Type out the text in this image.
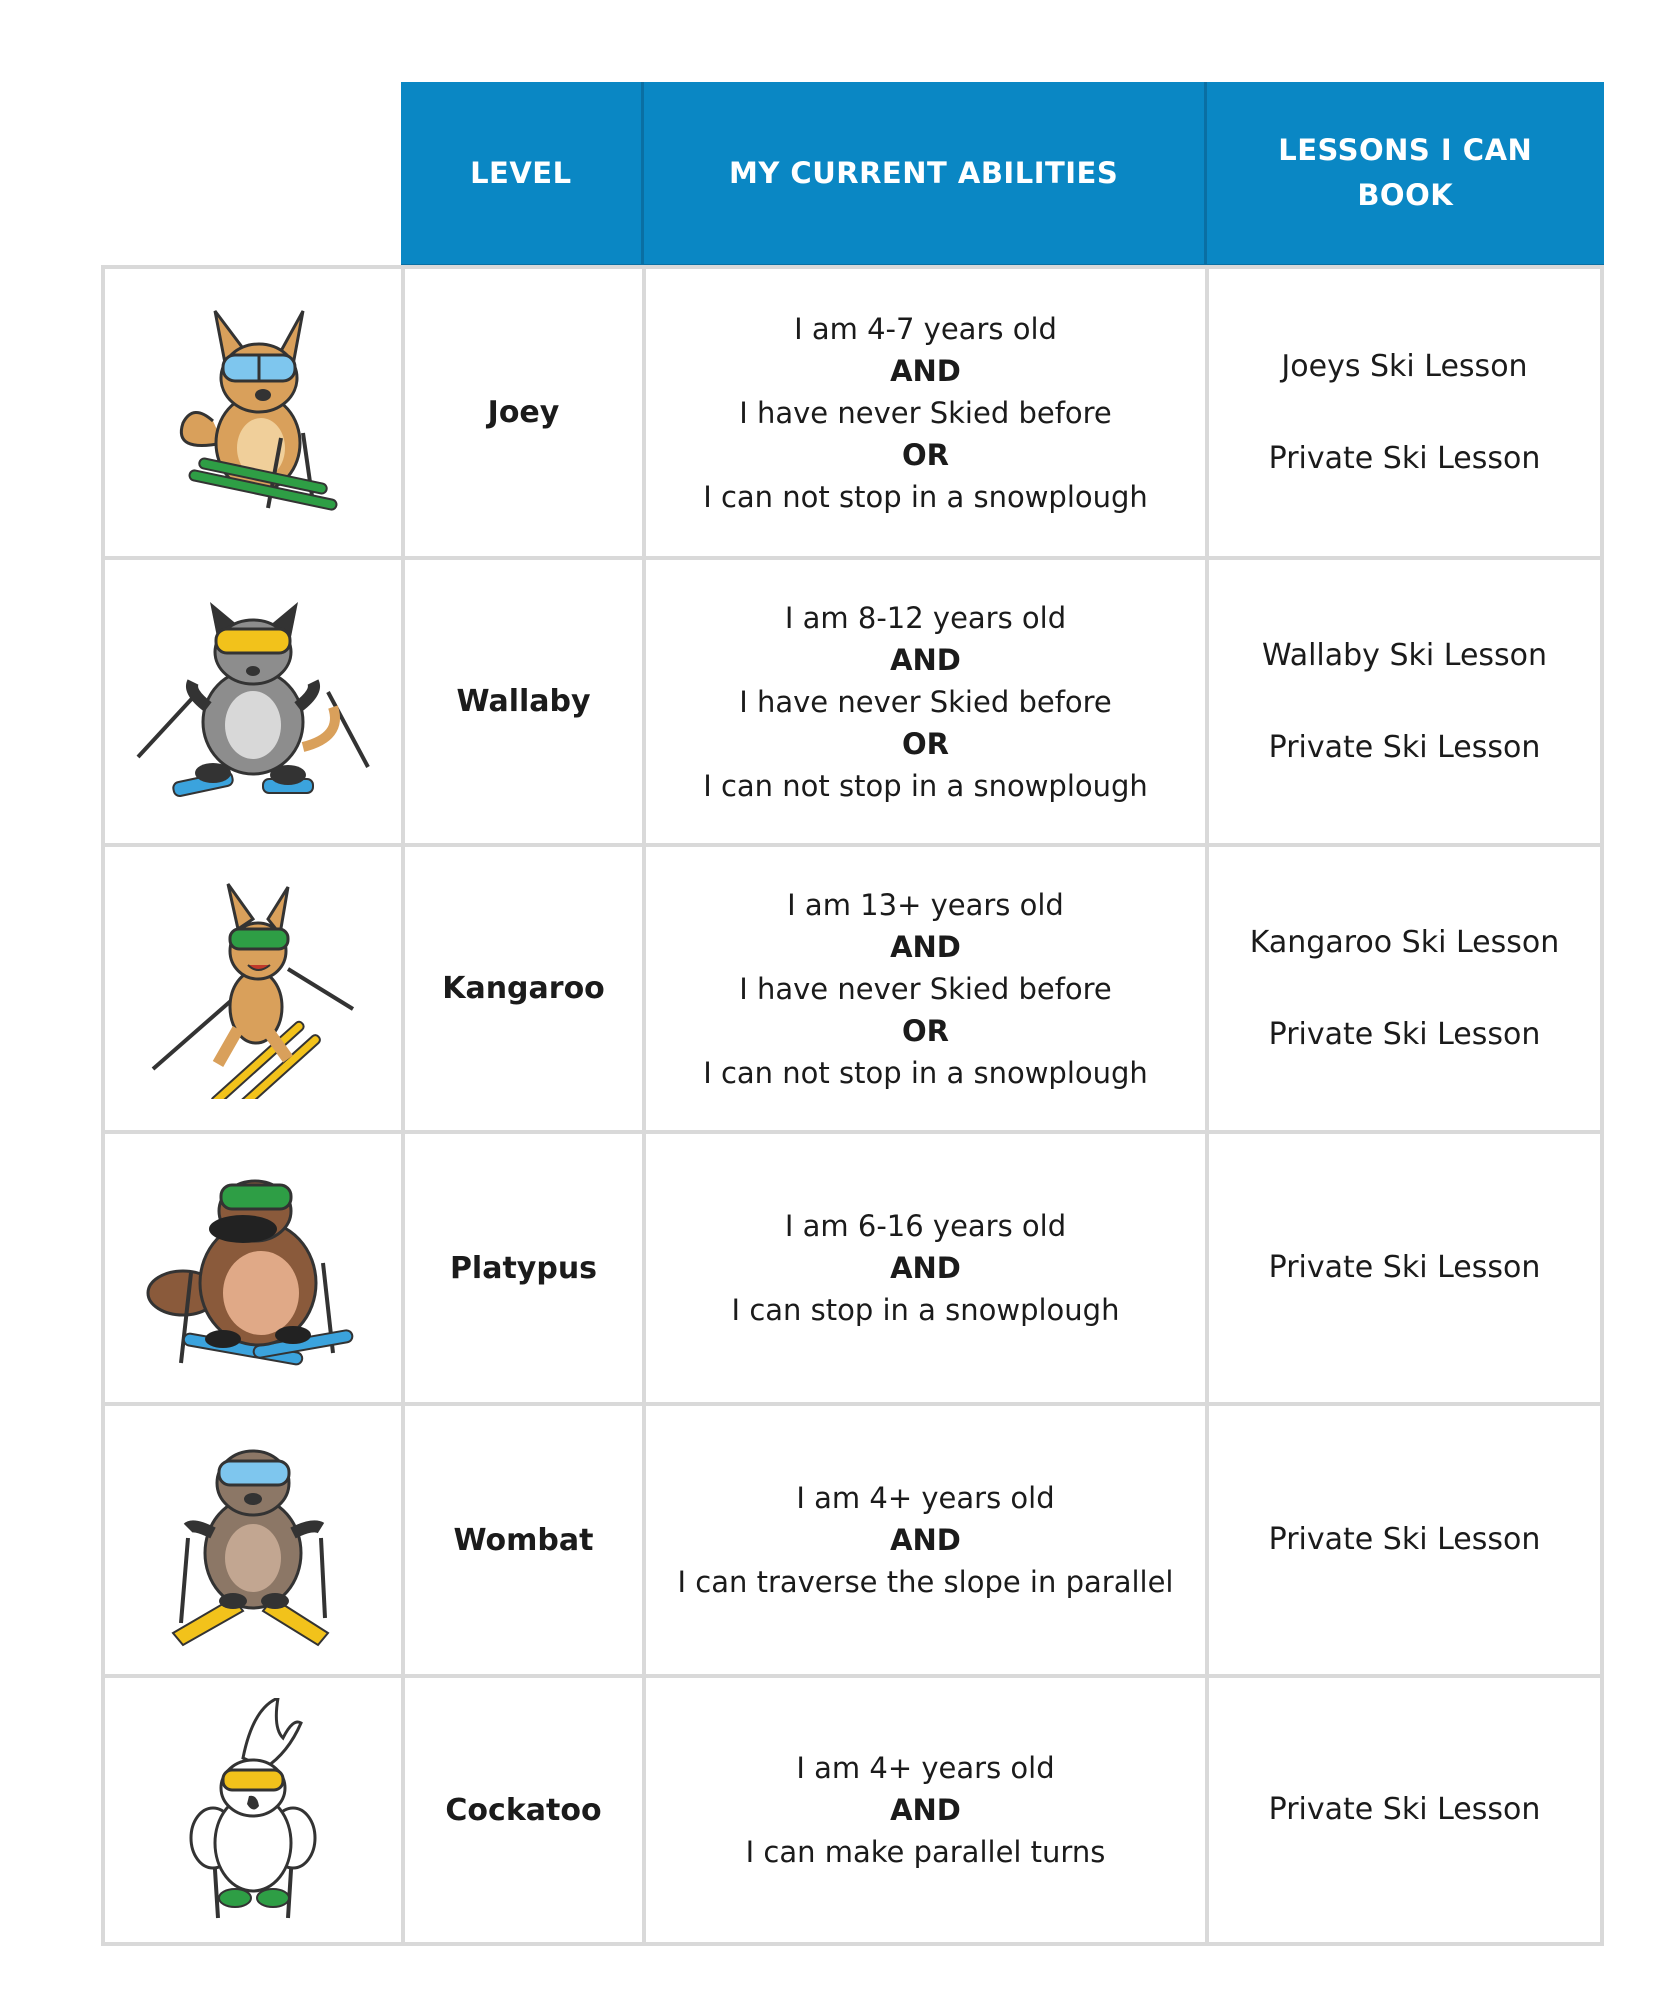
LEVEL	MY CURRENT ABILITIES
LESSONS I CAN BOOK
Joey
I am 4-7 years old
AND
I have never Skied before
OR
I can not stop in a snowplough
Joeys Ski Lesson
Private Ski Lesson
Wallaby
I am 8-12 years old
AND
I have never Skied before
OR
I can not stop in a snowplough
Wallaby Ski Lesson
Private Ski Lesson
Kangaroo
I am 13+ years old
AND
I have never Skied before
OR
I can not stop in a snowplough
Kangaroo Ski Lesson
Private Ski Lesson
Platypus
I am 6-16 years old
AND
I can stop in a snowplough
Private Ski Lesson
Wombat
I am 4+ years old
AND
I can traverse the slope in parallel
Private Ski Lesson
Cockatoo
I am 4+ years old
AND
I can make parallel turns
Private Ski Lesson
